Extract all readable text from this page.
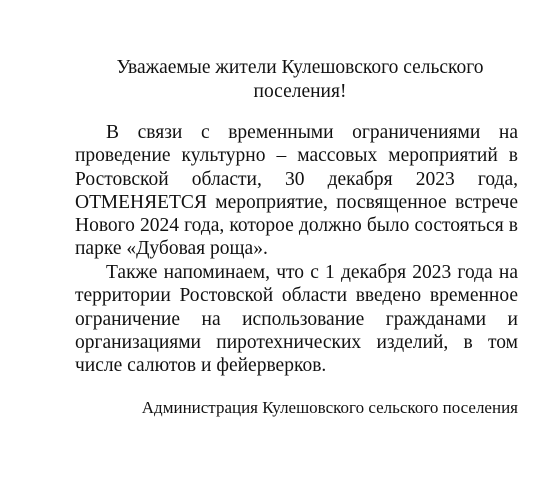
Уважаемые жители Кулешовского сельского
поселения!

В связи с временными ограничениями на проведение культурно – массовых мероприятий в Ростовской области, 30 декабря 2023 года, ОТМЕНЯЕТСЯ мероприятие, посвященное встрече Нового 2024 года, которое должно было состояться в парке «Дубовая роща».

Также напоминаем, что с 1 декабря 2023 года на территории Ростовской области введено временное ограничение на использование гражданами и организациями пиротехнических изделий, в том числе салютов и фейерверков.

Администрация Кулешовского сельского поселения
